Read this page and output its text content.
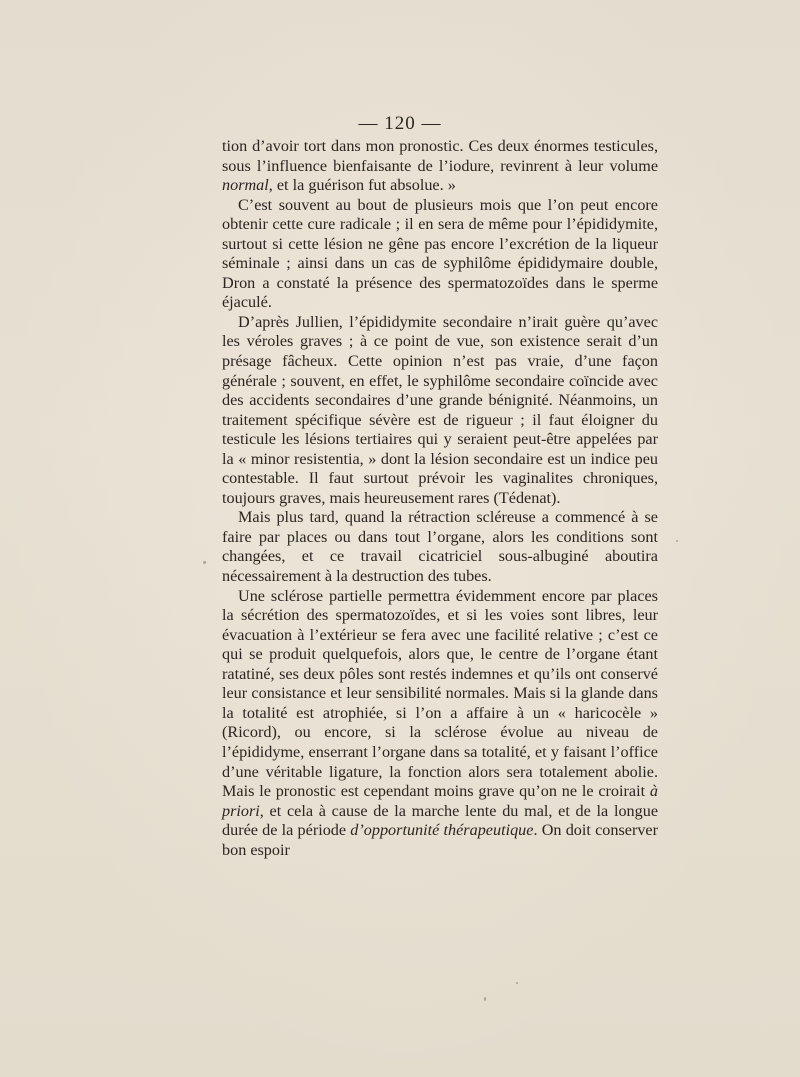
— 120 —

tion d’avoir tort dans mon pronostic. Ces deux énormes testicules, sous l’influence bienfaisante de l’iodure, revinrent à leur volume normal, et la guérison fut absolue. »

C’est souvent au bout de plusieurs mois que l’on peut encore obtenir cette cure radicale ; il en sera de même pour l’épididymite, surtout si cette lésion ne gêne pas encore l’excrétion de la liqueur séminale ; ainsi dans un cas de syphilôme épididymaire double, Dron a constaté la présence des spermatozoïdes dans le sperme éjaculé.

D’après Jullien, l’épididymite secondaire n’irait guère qu’avec les véroles graves ; à ce point de vue, son existence serait d’un présage fâcheux. Cette opinion n’est pas vraie, d’une façon générale ; souvent, en effet, le syphilôme secondaire coïncide avec des accidents secondaires d’une grande bénignité. Néanmoins, un traitement spécifique sévère est de rigueur ; il faut éloigner du testicule les lésions tertiaires qui y seraient peut-être appelées par la « minor resistentia, » dont la lésion secondaire est un indice peu contestable. Il faut surtout prévoir les vaginalites chroniques, toujours graves, mais heureusement rares (Tédenat).

Mais plus tard, quand la rétraction scléreuse a commencé à se faire par places ou dans tout l’organe, alors les conditions sont changées, et ce travail cicatriciel sous-albuginé aboutira nécessairement à la destruction des tubes.

Une sclérose partielle permettra évidemment encore par places la sécrétion des spermatozoïdes, et si les voies sont libres, leur évacuation à l’extérieur se fera avec une facilité relative ; c’est ce qui se produit quelquefois, alors que, le centre de l’organe étant ratatiné, ses deux pôles sont restés indemnes et qu’ils ont conservé leur consistance et leur sensibilité normales. Mais si la glande dans la totalité est atrophiée, si l’on a affaire à un « haricocèle » (Ricord), ou encore, si la sclérose évolue au niveau de l’épididyme, enserrant l’organe dans sa totalité, et y faisant l’office d’une véritable ligature, la fonction alors sera totalement abolie. Mais le pronostic est cependant moins grave qu’on ne le croirait à priori, et cela à cause de la marche lente du mal, et de la longue durée de la période d’opportunité thérapeutique. On doit conserver bon espoir
